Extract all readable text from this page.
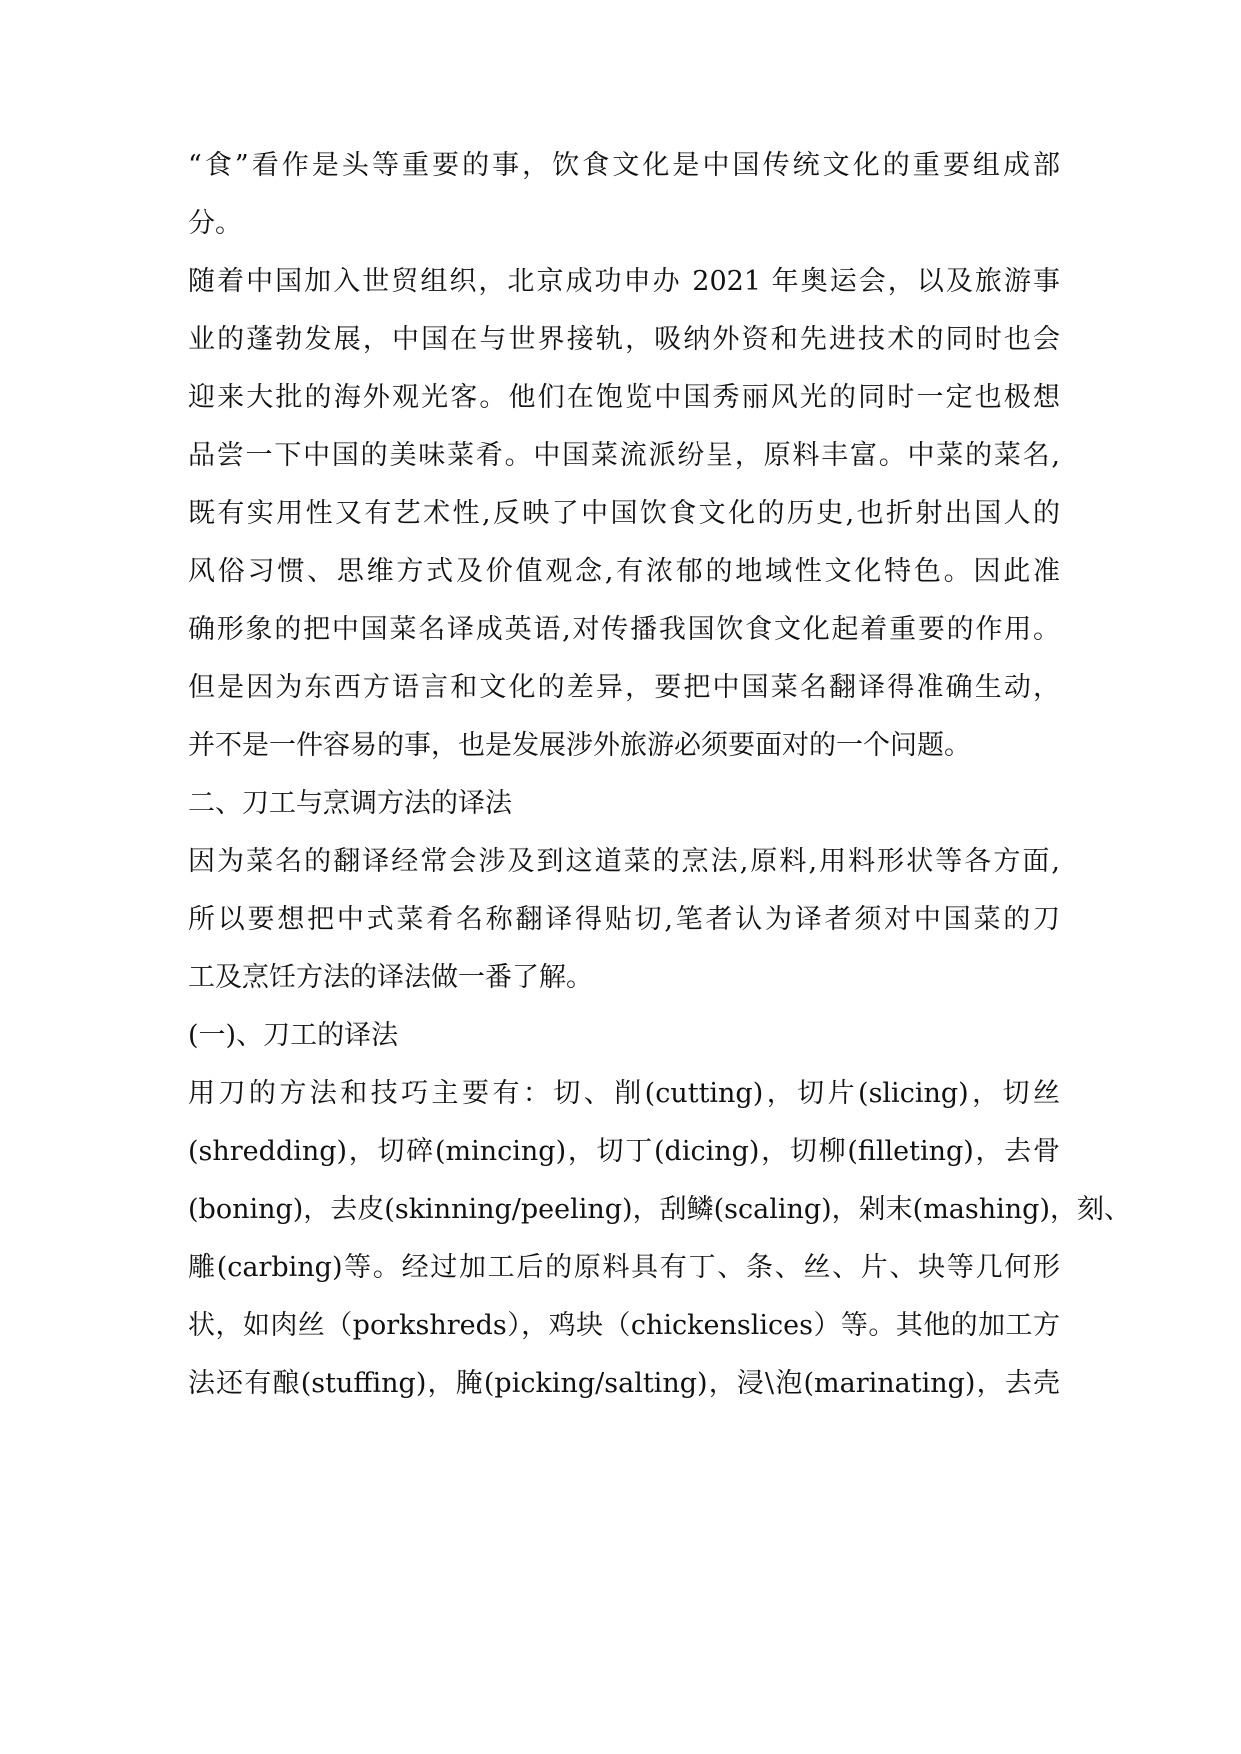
“食”看作是头等重要的事，饮食文化是中国传统文化的重要组成部
分。
随着中国加入世贸组织，北京成功申办 2021 年奥运会，以及旅游事
业的蓬勃发展，中国在与世界接轨，吸纳外资和先进技术的同时也会
迎来大批的海外观光客。他们在饱览中国秀丽风光的同时一定也极想
品尝一下中国的美味菜肴。中国菜流派纷呈，原料丰富。中菜的菜名,
既有实用性又有艺术性,反映了中国饮食文化的历史,也折射出国人的
风俗习惯、思维方式及价值观念,有浓郁的地域性文化特色。因此准
确形象的把中国菜名译成英语,对传播我国饮食文化起着重要的作用。
但是因为东西方语言和文化的差异，要把中国菜名翻译得准确生动，
并不是一件容易的事，也是发展涉外旅游必须要面对的一个问题。
二、刀工与烹调方法的译法
因为菜名的翻译经常会涉及到这道菜的烹法,原料,用料形状等各方面,
所以要想把中式菜肴名称翻译得贴切,笔者认为译者须对中国菜的刀
工及烹饪方法的译法做一番了解。
(一)、刀工的译法
用刀的方法和技巧主要有：切、削(cutting)，切片(slicing)，切丝
(shredding)，切碎(mincing)，切丁(dicing)，切柳(filleting)，去骨
(boning)，去皮(skinning/peeling)，刮鳞(scaling)，剁末(mashing)，刻、
雕(carbing)等。经过加工后的原料具有丁、条、丝、片、块等几何形
状，如肉丝（porkshreds），鸡块（chickenslices）等。其他的加工方
法还有酿(stuffing)，腌(picking/salting)，浸\泡(marinating)，去壳
